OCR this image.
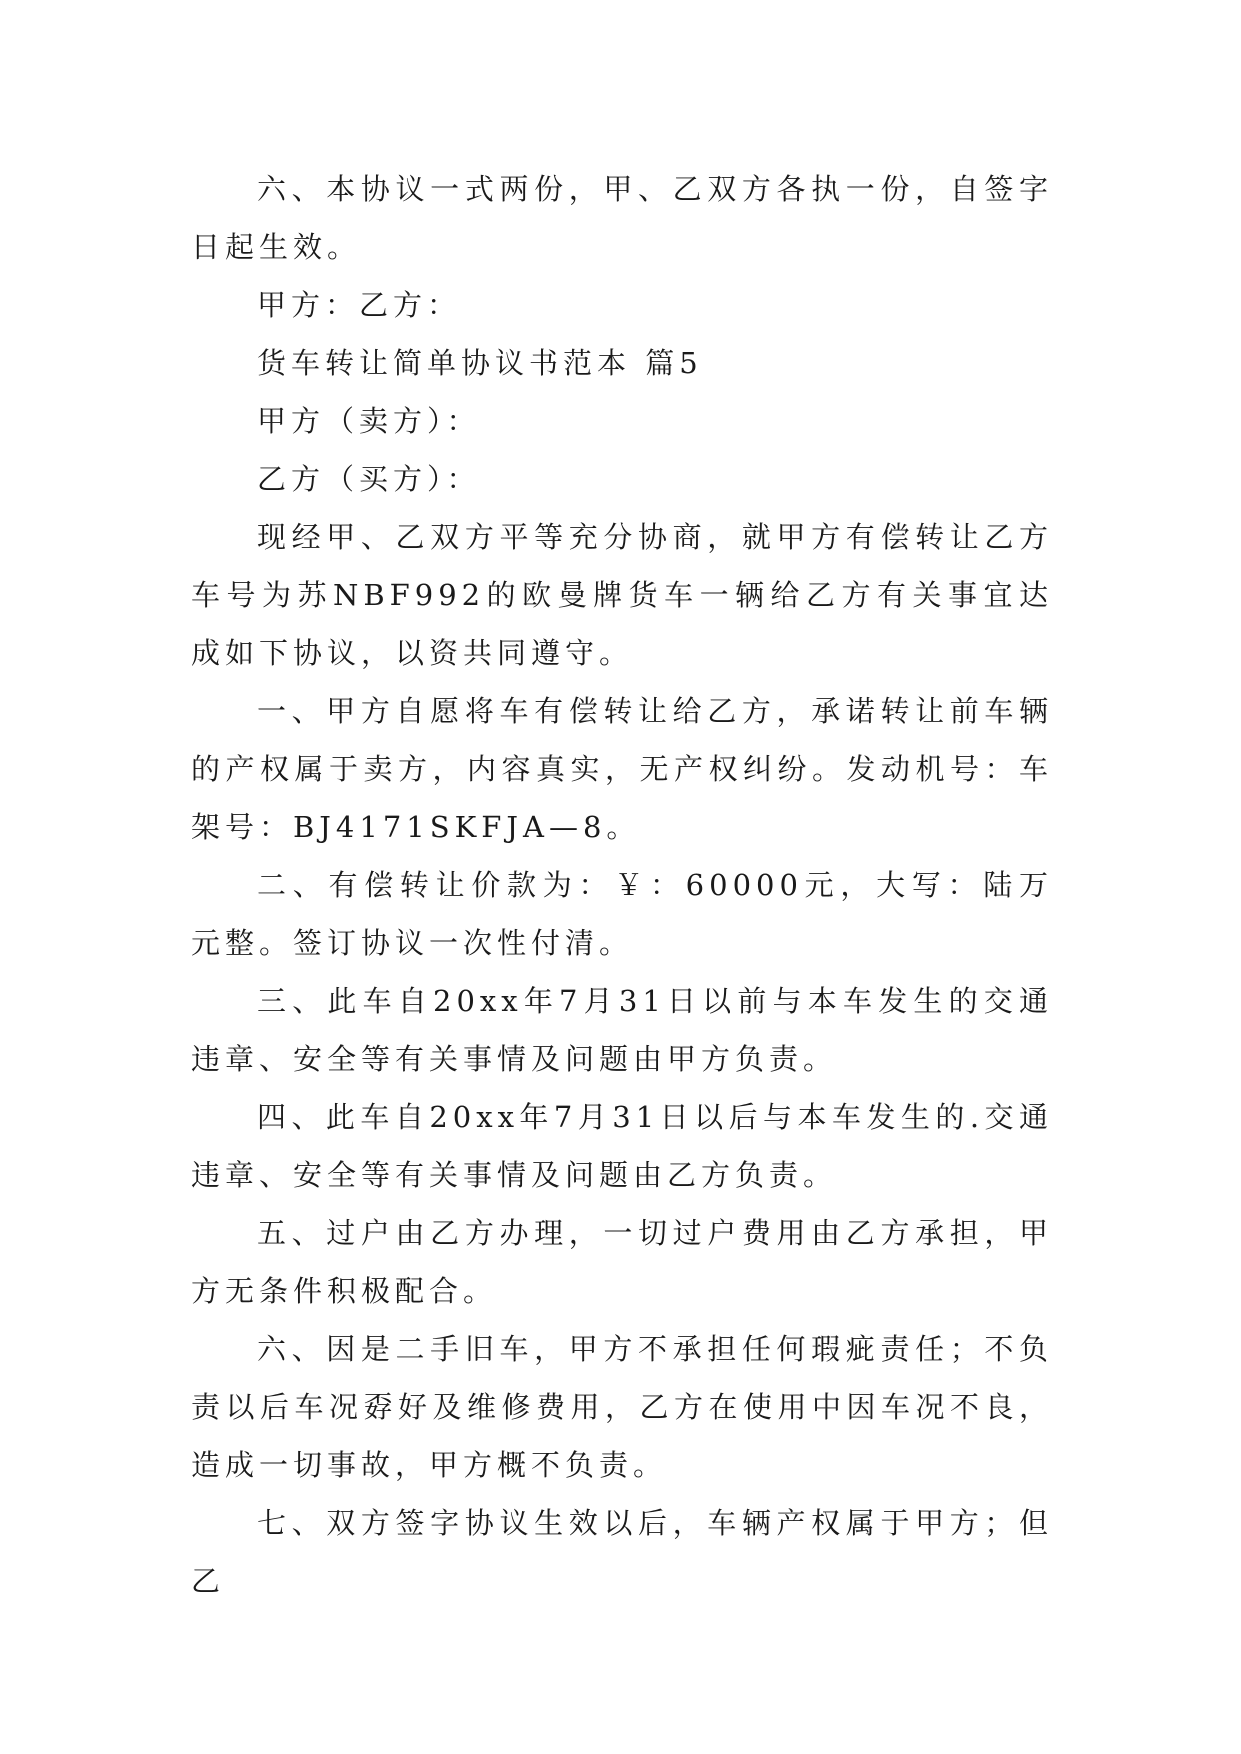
六、本协议一式两份，甲、乙双方各执一份，自签字日起生效。

甲方：乙方：

货车转让简单协议书范本 篇5

甲方（卖方）：

乙方（买方）：

现经甲、乙双方平等充分协商，就甲方有偿转让乙方车号为苏NBF992的欧曼牌货车一辆给乙方有关事宜达成如下协议，以资共同遵守。

一、甲方自愿将车有偿转让给乙方，承诺转让前车辆的产权属于卖方，内容真实，无产权纠纷。发动机号：车架号：BJ4171SKFJA—8。

二、有偿转让价款为：￥：60000元，大写：陆万元整。签订协议一次性付清。

三、此车自20xx年7月31日以前与本车发生的交通违章、安全等有关事情及问题由甲方负责。

四、此车自20xx年7月31日以后与本车发生的.交通违章、安全等有关事情及问题由乙方负责。

五、过户由乙方办理，一切过户费用由乙方承担，甲方无条件积极配合。

六、因是二手旧车，甲方不承担任何瑕疵责任；不负责以后车况孬好及维修费用，乙方在使用中因车况不良，造成一切事故，甲方概不负责。

七、双方签字协议生效以后，车辆产权属于甲方；但乙
